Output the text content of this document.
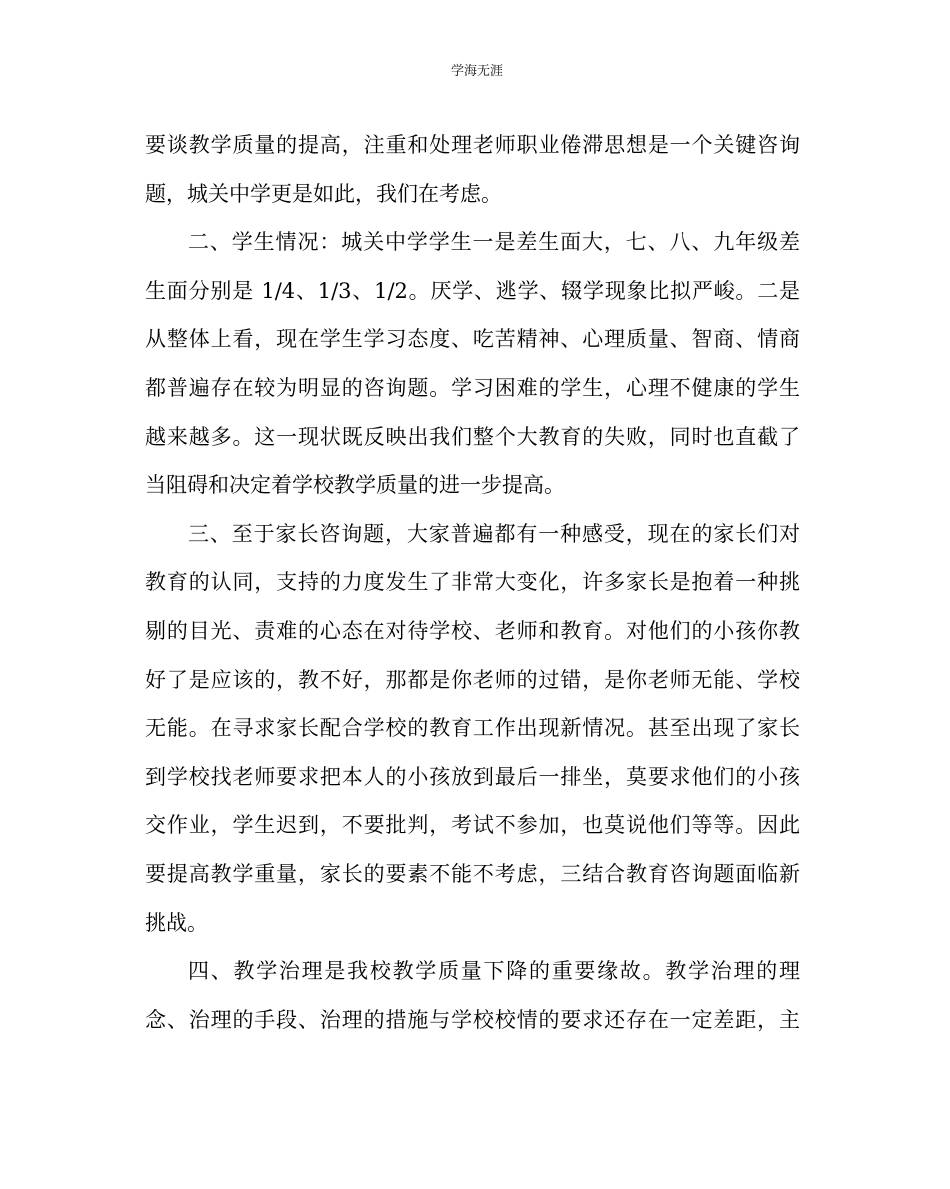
学海无涯
要谈教学质量的提高，注重和处理老师职业倦滞思想是一个关键咨询
题，城关中学更是如此，我们在考虑。
二、学生情况：城关中学学生一是差生面大，七、八、九年级差
生面分别是 1/4、1/3、1/2。厌学、逃学、辍学现象比拟严峻。二是
从整体上看，现在学生学习态度、吃苦精神、心理质量、智商、情商
都普遍存在较为明显的咨询题。学习困难的学生，心理不健康的学生
越来越多。这一现状既反映出我们整个大教育的失败，同时也直截了
当阻碍和决定着学校教学质量的进一步提高。
三、至于家长咨询题，大家普遍都有一种感受，现在的家长们对
教育的认同，支持的力度发生了非常大变化，许多家长是抱着一种挑
剔的目光、责难的心态在对待学校、老师和教育。对他们的小孩你教
好了是应该的，教不好，那都是你老师的过错，是你老师无能、学校
无能。在寻求家长配合学校的教育工作出现新情况。甚至出现了家长
到学校找老师要求把本人的小孩放到最后一排坐，莫要求他们的小孩
交作业，学生迟到，不要批判，考试不参加，也莫说他们等等。因此
要提高教学重量，家长的要素不能不考虑，三结合教育咨询题面临新
挑战。
四、教学治理是我校教学质量下降的重要缘故。教学治理的理
念、治理的手段、治理的措施与学校校情的要求还存在一定差距，主
